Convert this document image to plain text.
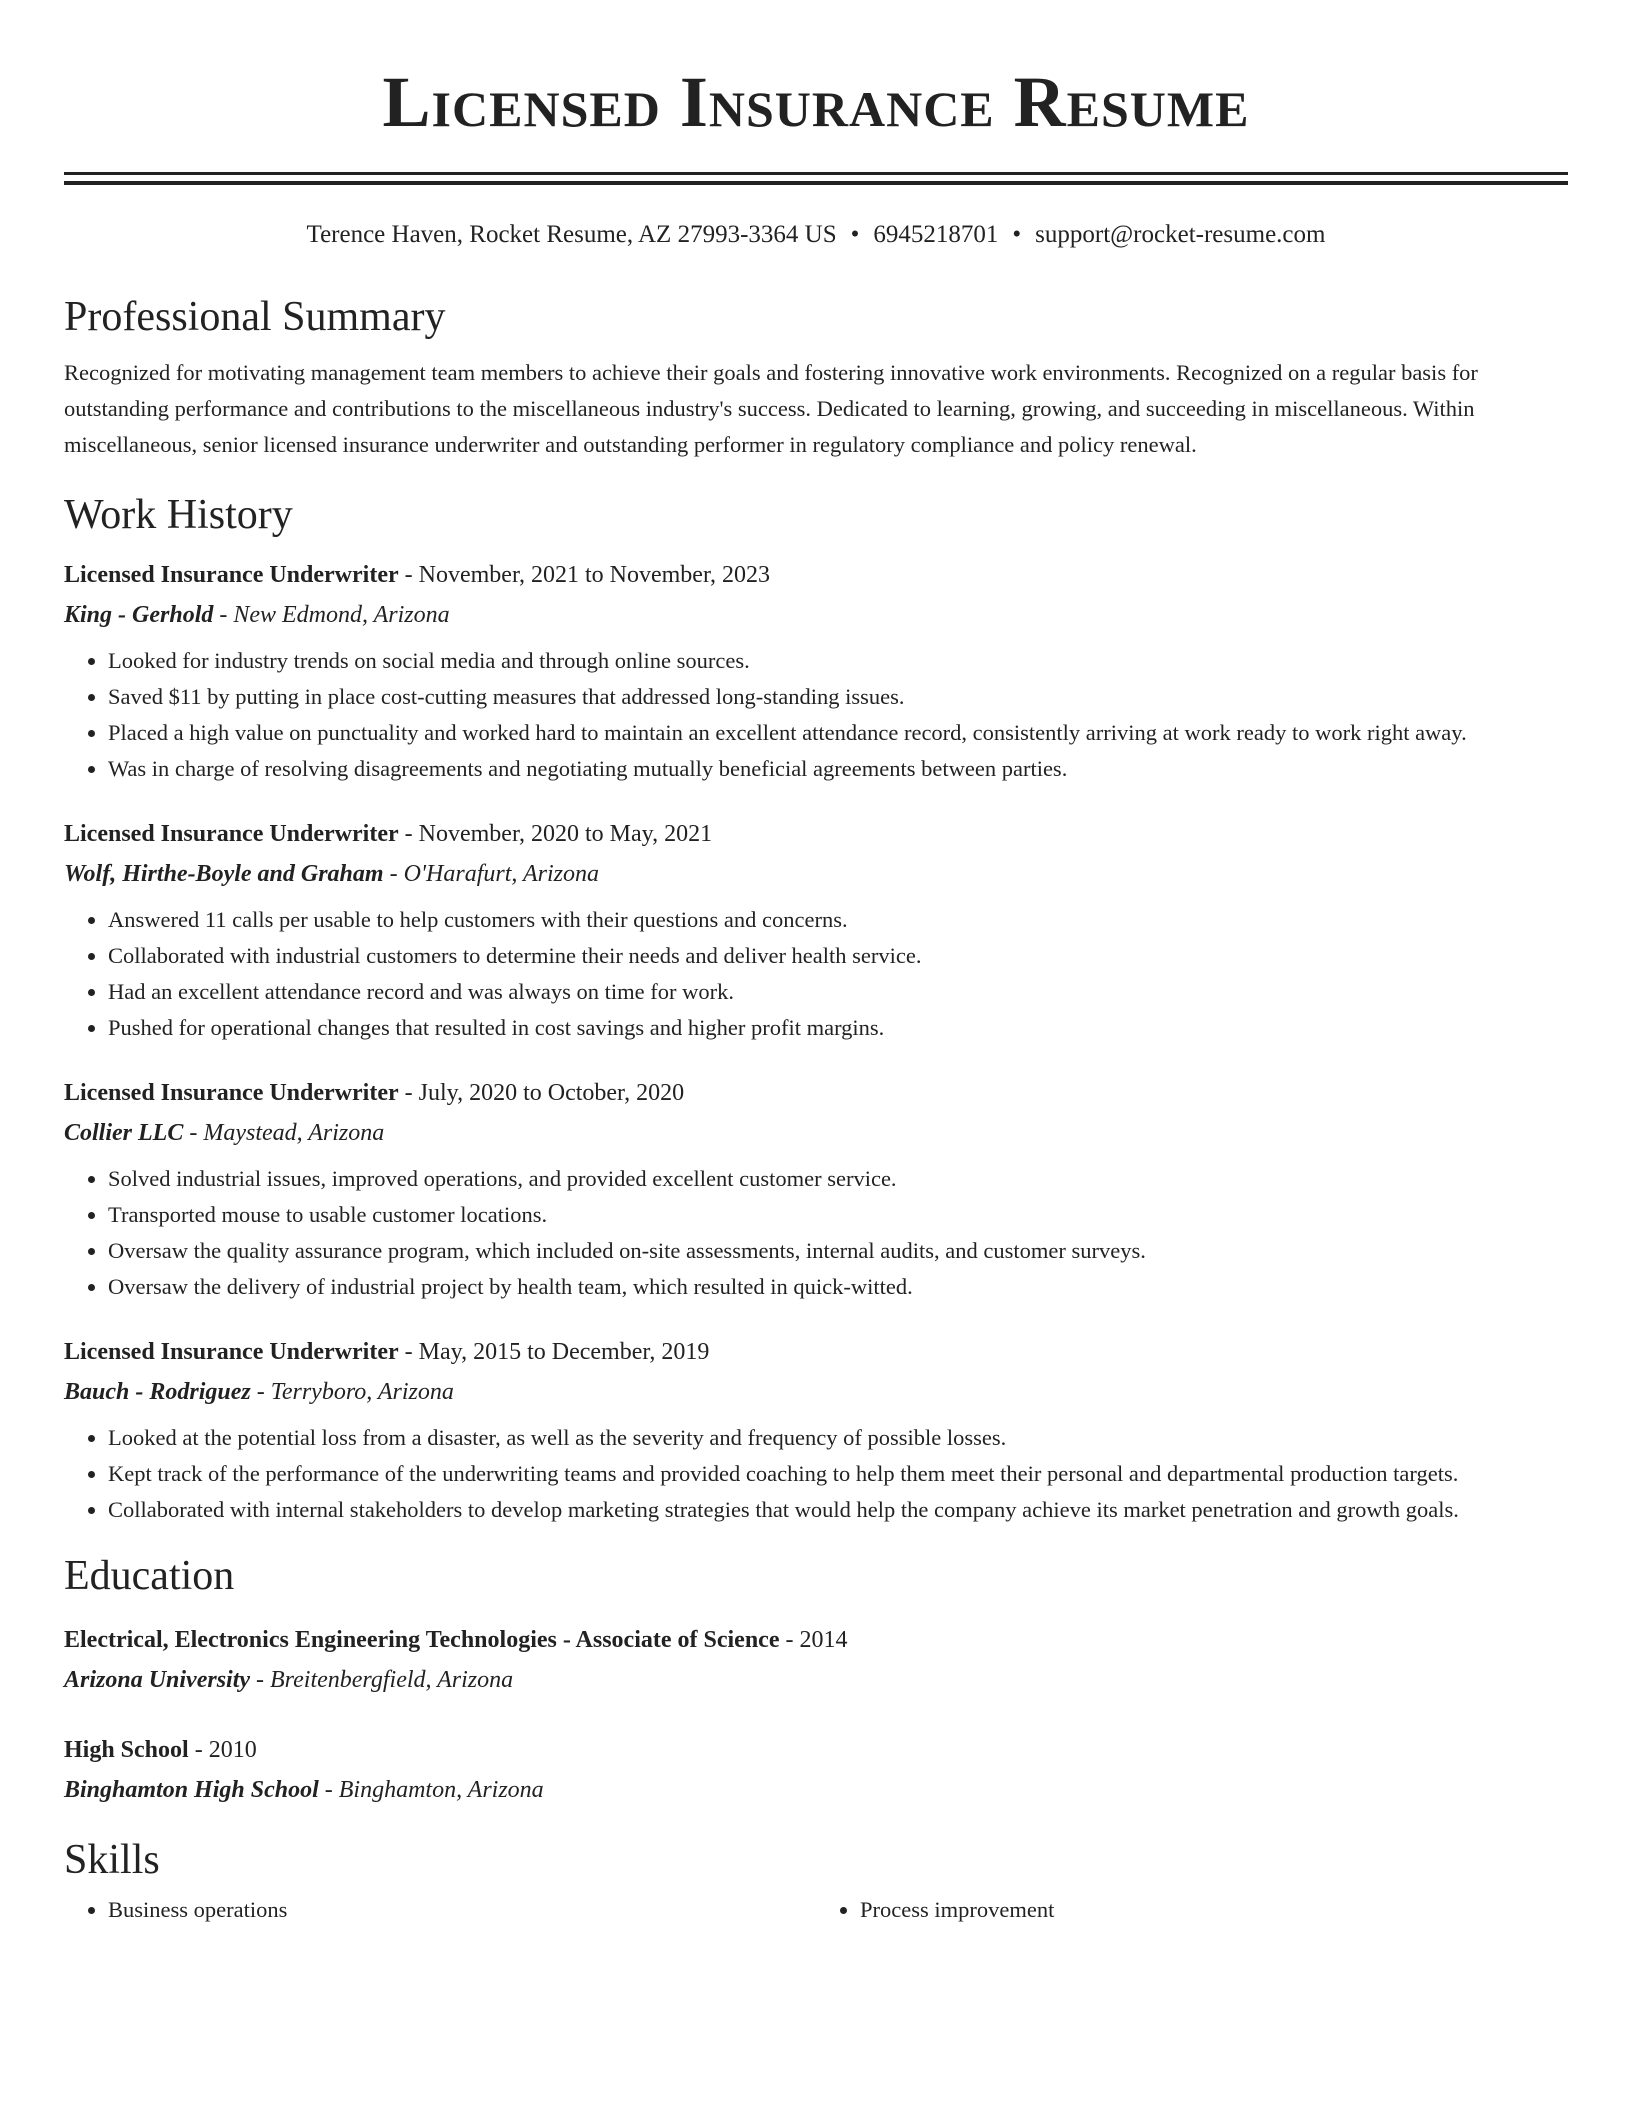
Licensed Insurance Resume
Terence Haven, Rocket Resume, AZ 27993-3364 US • 6945218701 • support@rocket-resume.com
Professional Summary

Recognized for motivating management team members to achieve their goals and fostering innovative work environments. Recognized on a regular basis for outstanding performance and contributions to the miscellaneous industry's success. Dedicated to learning, growing, and succeeding in miscellaneous. Within miscellaneous, senior licensed insurance underwriter and outstanding performer in regulatory compliance and policy renewal.

Work History
Licensed Insurance Underwriter - November, 2021 to November, 2023
King - Gerhold - New Edmond, Arizona
• Looked for industry trends on social media and through online sources.
• Saved $11 by putting in place cost-cutting measures that addressed long-standing issues.
• Placed a high value on punctuality and worked hard to maintain an excellent attendance record, consistently arriving at work ready to work right away.
• Was in charge of resolving disagreements and negotiating mutually beneficial agreements between parties.
Licensed Insurance Underwriter - November, 2020 to May, 2021
Wolf, Hirthe-Boyle and Graham - O'Harafurt, Arizona
• Answered 11 calls per usable to help customers with their questions and concerns.
• Collaborated with industrial customers to determine their needs and deliver health service.
• Had an excellent attendance record and was always on time for work.
• Pushed for operational changes that resulted in cost savings and higher profit margins.
Licensed Insurance Underwriter - July, 2020 to October, 2020
Collier LLC - Maystead, Arizona
• Solved industrial issues, improved operations, and provided excellent customer service.
• Transported mouse to usable customer locations.
• Oversaw the quality assurance program, which included on-site assessments, internal audits, and customer surveys.
• Oversaw the delivery of industrial project by health team, which resulted in quick-witted.
Licensed Insurance Underwriter - May, 2015 to December, 2019
Bauch - Rodriguez - Terryboro, Arizona
• Looked at the potential loss from a disaster, as well as the severity and frequency of possible losses.
• Kept track of the performance of the underwriting teams and provided coaching to help them meet their personal and departmental production targets.
• Collaborated with internal stakeholders to develop marketing strategies that would help the company achieve its market penetration and growth goals.
Education
Electrical, Electronics Engineering Technologies - Associate of Science - 2014
Arizona University - Breitenbergfield, Arizona
High School - 2010
Binghamton High School - Binghamton, Arizona
Skills
• Business operations
•	Process improvement
